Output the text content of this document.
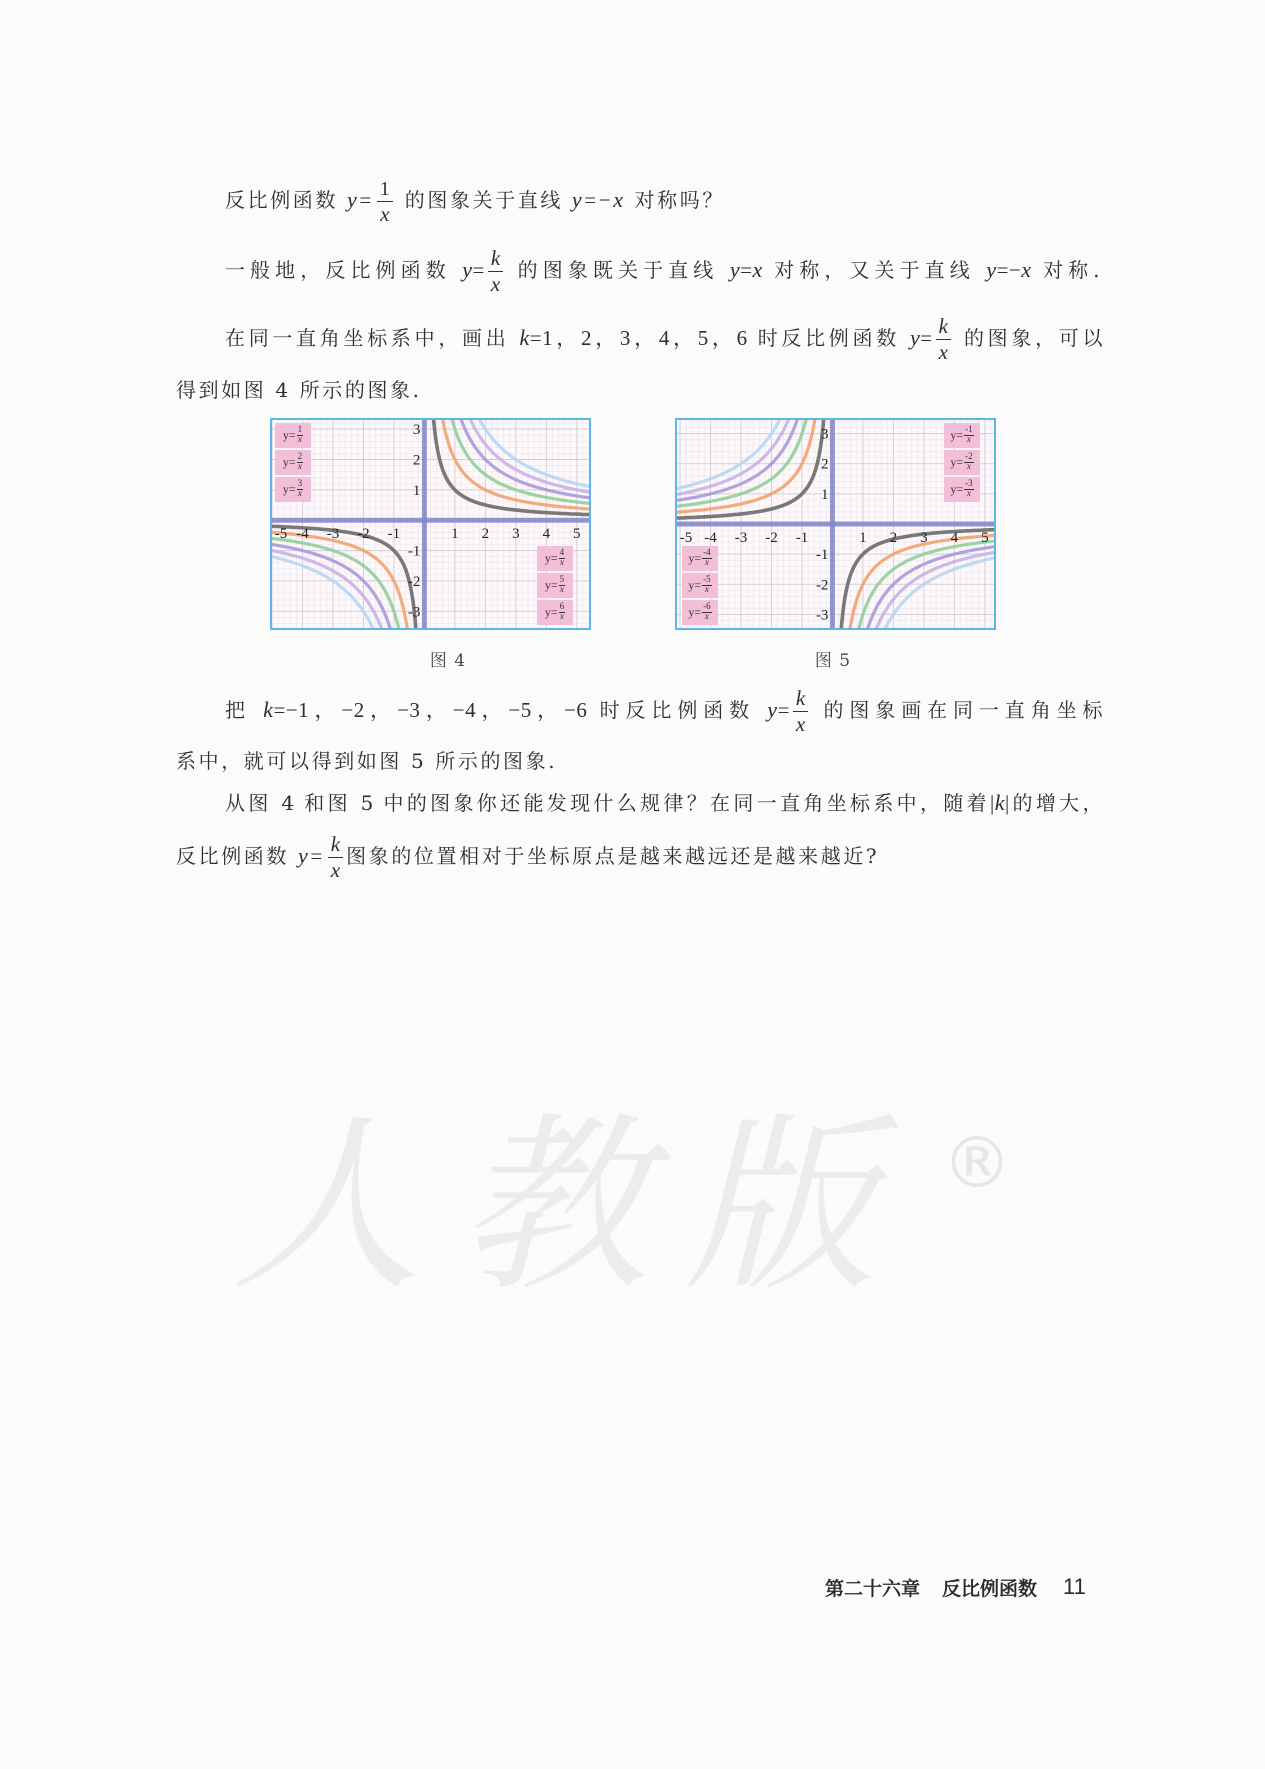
反比例函数 $y= \frac{1}{x}$ 的图象关于直线 y=−x 对称吗？
一般地，反比例函数 $y= \frac{k}{x}$ 的图象既关于直线 y=x 对称，又关于直线 y=−x 对称.
在同一直角坐标系中，画出 k=1，2，3，4，5，6 时反比例函数 $y= \frac{k}{x}$ 的图象，可以
得到如图 4 所示的图象.
-5 -4 -3 -2 -1	1 2 3 4 5
3
2
1
-1
-2
-3
$y= \frac{1}{x}$
$y= \frac{2}{x}$
$y= \frac{3}{x}$
$y= \frac{4}{x}$
$y= \frac{5}{x}$
$y= \frac{6}{x}$
图 4
-5 -4 -3 -2 -1	1 2 3 4 5
3
2
1
-1
-2
-3
$y= \frac{-1}{x}$
$y= \frac{-2}{x}$
$y= \frac{-3}{x}$
$y= \frac{-4}{x}$
$y= \frac{-5}{x}$
$y= \frac{-6}{x}$
图 5
把 k=−1，−2，−3，−4，−5，−6 时反比例函数 $y= \frac{k}{x}$ 的图象画在同一直角坐标
系中，就可以得到如图 5 所示的图象.
从图 4 和图 5 中的图象你还能发现什么规律？在同一直角坐标系中，随着|k|的增大，
反比例函数 $y= \frac{k}{x}$ 图象的位置相对于坐标原点是越来越远还是越来越近?
人教版 ®
第二十六章 反比例函数 11
